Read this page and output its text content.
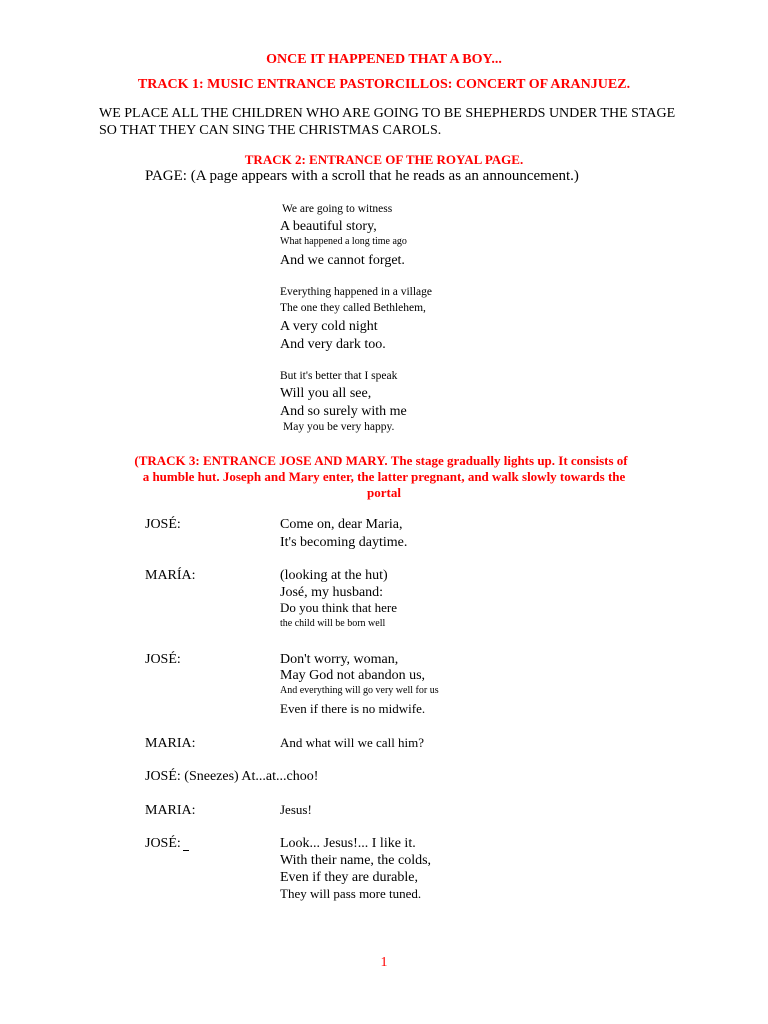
ONCE IT HAPPENED THAT A BOY...
TRACK 1: MUSIC ENTRANCE PASTORCILLOS: CONCERT OF ARANJUEZ.
WE PLACE ALL THE CHILDREN WHO ARE GOING TO BE SHEPHERDS UNDER THE STAGE
SO THAT THEY CAN SING THE CHRISTMAS CAROLS.
TRACK 2: ENTRANCE OF THE ROYAL PAGE.
PAGE: (A page appears with a scroll that he reads as an announcement.)
We are going to witness
A beautiful story,
What happened a long time ago
And we cannot forget.
Everything happened in a village
The one they called Bethlehem,
A very cold night
And very dark too.
But it's better that I speak
Will you all see,
And so surely with me
May you be very happy.
(TRACK 3: ENTRANCE JOSE AND MARY. The stage gradually lights up. It consists of
a humble hut. Joseph and Mary enter, the latter pregnant, and walk slowly towards the
portal
JOSÉ:	Come on, dear Maria,
It's becoming daytime.
MARÍA:	(looking at the hut)
José, my husband:
Do you think that here
the child will be born well
JOSÉ:	Don't worry, woman,
May God not abandon us,
And everything will go very well for us
Even if there is no midwife.
MARIA:	And what will we call him?
JOSÉ: (Sneezes) At...at...choo!
MARIA:	Jesus!
JOSÉ:	Look... Jesus!... I like it.
With their name, the colds,
Even if they are durable,
They will pass more tuned.
1
